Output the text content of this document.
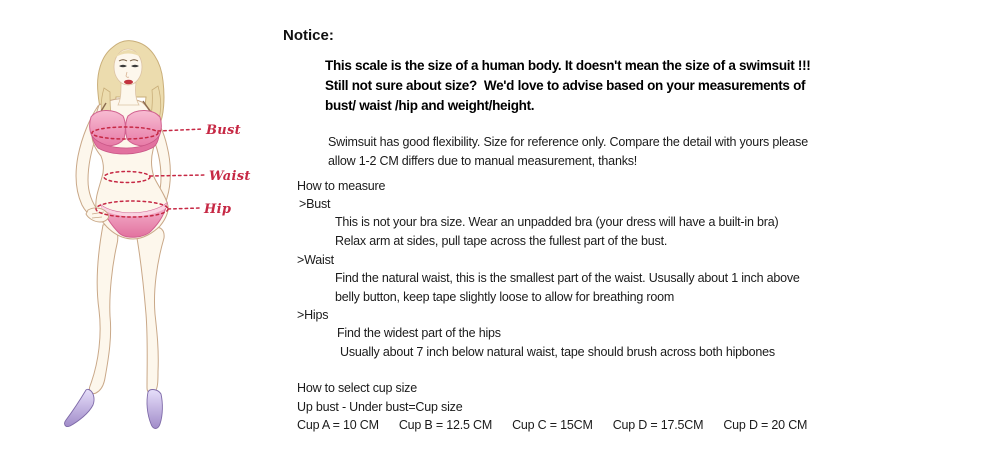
Bust
Waist
Hip
Notice:
This scale is the size of a human body. It doesn't mean the size of a swimsuit !!!
Still not sure about size?  We'd love to advise based on your measurements of
bust/ waist /hip and weight/height.
Swimsuit has good flexibility. Size for reference only. Compare the detail with yours please
allow 1-2 CM differs due to manual measurement, thanks!
How to measure
>Bust
This is not your bra size. Wear an unpadded bra (your dress will have a built-in bra)
Relax arm at sides, pull tape across the fullest part of the bust.
>Waist
Find the natural waist, this is the smallest part of the waist. Ususally about 1 inch above
belly button, keep tape slightly loose to allow for breathing room
>Hips
Find the widest part of the hips
Usually about 7 inch below natural waist, tape should brush across both hipbones
How to select cup size
Up bust - Under bust=Cup size
Cup A = 10 CM Cup B = 12.5 CM Cup C = 15CM Cup D = 17.5CM Cup D = 20 CM
